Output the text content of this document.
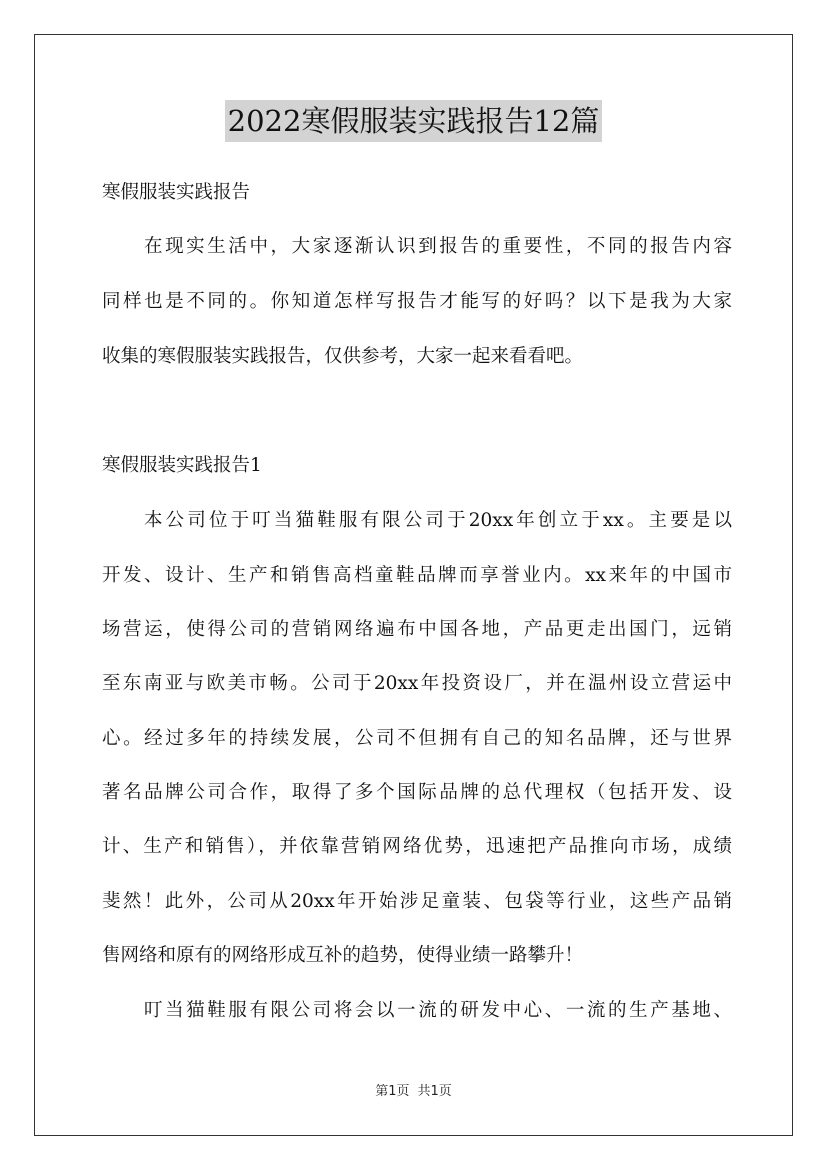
2022寒假服装实践报告12篇
寒假服装实践报告
在现实生活中，大家逐渐认识到报告的重要性，不同的报告内容
同样也是不同的。你知道怎样写报告才能写的好吗？以下是我为大家
收集的寒假服装实践报告，仅供参考，大家一起来看看吧。
寒假服装实践报告1
本公司位于叮当猫鞋服有限公司于20xx年创立于xx。主要是以
开发、设计、生产和销售高档童鞋品牌而享誉业内。xx来年的中国市
场营运，使得公司的营销网络遍布中国各地，产品更走出国门，远销
至东南亚与欧美市畅。公司于20xx年投资设厂，并在温州设立营运中
心。经过多年的持续发展，公司不但拥有自己的知名品牌，还与世界
著名品牌公司合作，取得了多个国际品牌的总代理权（包括开发、设
计、生产和销售），并依靠营销网络优势，迅速把产品推向市场，成绩
斐然！此外，公司从20xx年开始涉足童装、包袋等行业，这些产品销
售网络和原有的网络形成互补的趋势，使得业绩一路攀升！
叮当猫鞋服有限公司将会以一流的研发中心、一流的生产基地、
第1页 共1页
